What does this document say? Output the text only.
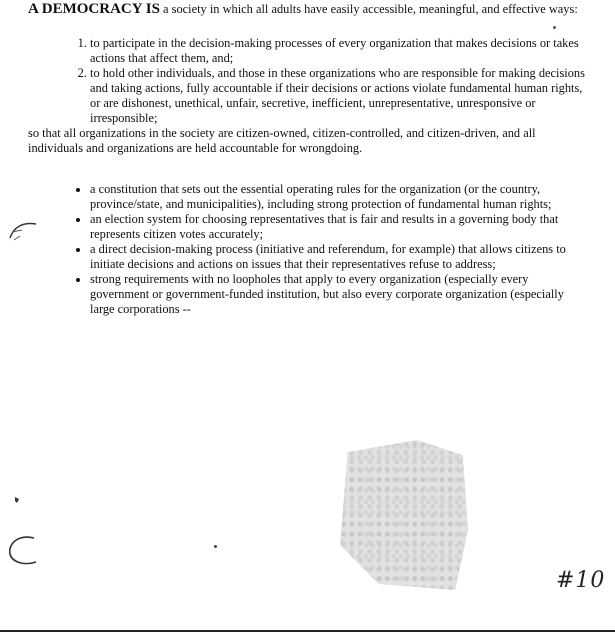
A DEMOCRACY IS a society in which all adults have easily accessible, meaningful, and effective ways:

1. to participate in the decision-making processes of every organization that makes decisions or takes actions that affect them, and;
2. to hold other individuals, and those in these organizations who are responsible for making decisions and taking actions, fully accountable if their decisions or actions violate fundamental human rights, or are dishonest, unethical, unfair, secretive, inefficient, unrepresentative, unresponsive or irresponsible;

so that all organizations in the society are citizen-owned, citizen-controlled, and citizen-driven, and all individuals and organizations are held accountable for wrongdoing.

• a constitution that sets out the essential operating rules for the organization (or the country, province/state, and municipalities), including strong protection of fundamental human rights;
• an election system for choosing representatives that is fair and results in a governing body that represents citizen votes accurately;
• a direct decision-making process (initiative and referendum, for example) that allows citizens to initiate decisions and actions on issues that their representatives refuse to address;
• strong requirements with no loopholes that apply to every organization (especially every government or government-funded institution, but also every corporate organization (especially large corporations --
#10
